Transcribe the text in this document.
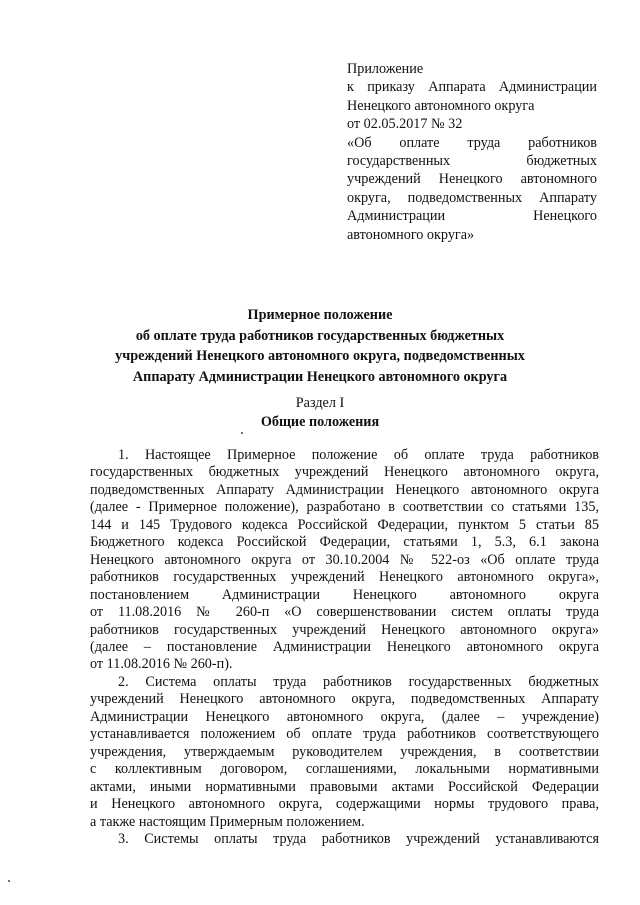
Приложение
к приказу Аппарата Администрации
Ненецкого автономного округа
от 02.05.2017 № 32
«Об оплате труда работников
государственных бюджетных
учреждений Ненецкого автономного
округа, подведомственных Аппарату
Администрации Ненецкого
автономного округа»
Примерное положение
об оплате труда работников государственных бюджетных
учреждений Ненецкого автономного округа, подведомственных
Аппарату Администрации Ненецкого автономного округа
Раздел I
Общие положения
1. Настоящее Примерное положение об оплате труда работников
государственных бюджетных учреждений Ненецкого автономного округа,
подведомственных Аппарату Администрации Ненецкого автономного округа
(далее - Примерное положение), разработано в соответствии со статьями 135,
144 и 145 Трудового кодекса Российской Федерации, пунктом 5 статьи 85
Бюджетного кодекса Российской Федерации, статьями 1, 5.3, 6.1 закона
Ненецкого автономного округа от 30.10.2004 № 522-оз «Об оплате труда
работников государственных учреждений Ненецкого автономного округа»,
постановлением Администрации Ненецкого автономного округа
от 11.08.2016 № 260-п «О совершенствовании систем оплаты труда
работников государственных учреждений Ненецкого автономного округа»
(далее – постановление Администрации Ненецкого автономного округа
от 11.08.2016 № 260-п).
2. Система оплаты труда работников государственных бюджетных
учреждений Ненецкого автономного округа, подведомственных Аппарату
Администрации Ненецкого автономного округа, (далее – учреждение)
устанавливается положением об оплате труда работников соответствующего
учреждения, утверждаемым руководителем учреждения, в соответствии
с коллективным договором, соглашениями, локальными нормативными
актами, иными нормативными правовыми актами Российской Федерации
и Ненецкого автономного округа, содержащими нормы трудового права,
а также настоящим Примерным положением.
3. Системы оплаты труда работников учреждений устанавливаются
